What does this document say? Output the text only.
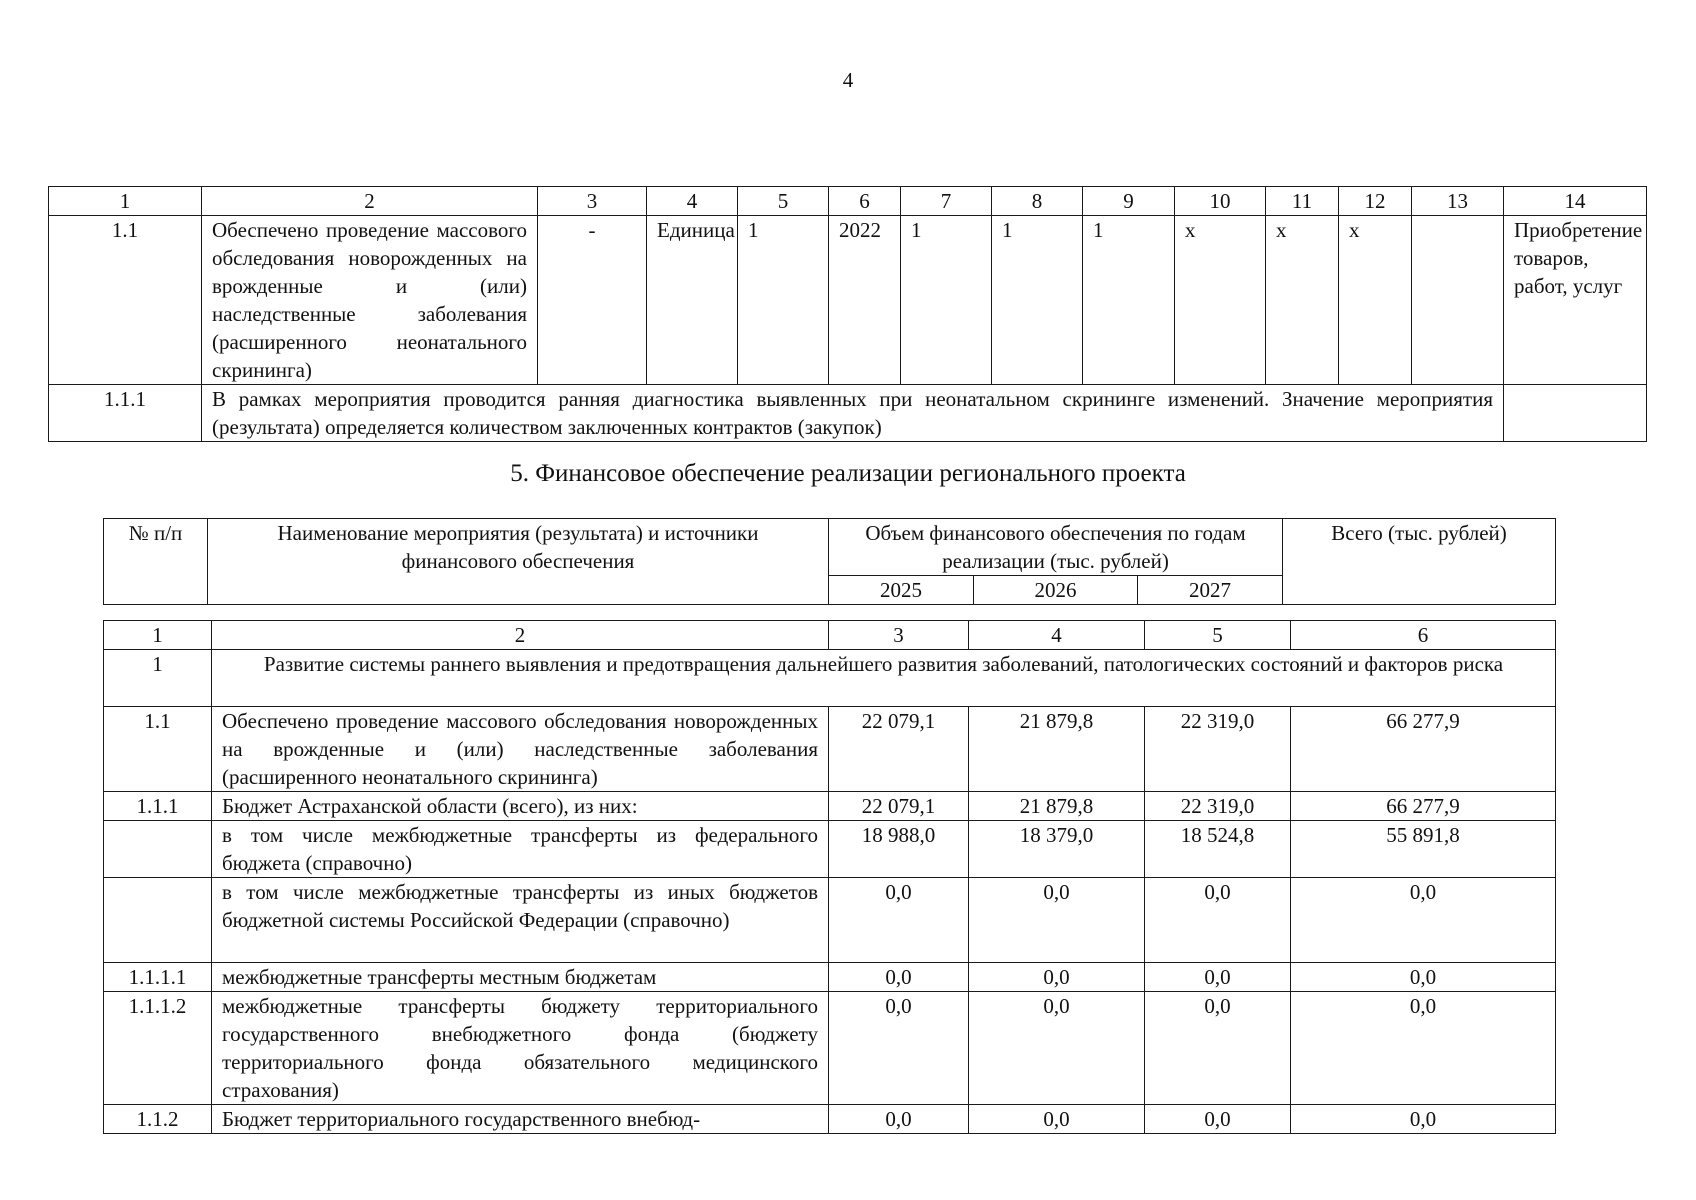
4
1	2	3	4	5	6	7	8	9	10	11	12	13	14
1.1	Обеспечено проведение массового обследования новорожденных на врожденные и (или) наследственные заболевания (расширенного неонатального скрининга)	-	Единица	1	2022	1	1	1	x	x	x		Приобретение товаров, работ, услуг
1.1.1	В рамках мероприятия проводится ранняя диагностика выявленных при неонатальном скрининге изменений. Значение мероприятия (результата) определяется количеством заключенных контрактов (закупок)												
5. Финансовое обеспечение реализации регионального проекта
№ п/п	Наименование мероприятия (результата) и источники финансового обеспечения	Объем финансового обеспечения по годам реализации (тыс. рублей)			Всего (тыс. рублей)
		2025	2026	2027	
1	2	3	4	5	6
1	Развитие системы раннего выявления и предотвращения дальнейшего развития заболеваний, патологических состояний и факторов риска				
1.1	Обеспечено проведение массового обследования новорожденных на врожденные и (или) наследственные заболевания (расширенного неонатального скрининга)	22 079,1	21 879,8	22 319,0	66 277,9
1.1.1	Бюджет Астраханской области (всего), из них:	22 079,1	21 879,8	22 319,0	66 277,9
	в том числе межбюджетные трансферты из федерального бюджета (справочно)	18 988,0	18 379,0	18 524,8	55 891,8
	в том числе межбюджетные трансферты из иных бюджетов бюджетной системы Российской Федерации (справочно)	0,0	0,0	0,0	0,0
1.1.1.1	межбюджетные трансферты местным бюджетам	0,0	0,0	0,0	0,0
1.1.1.2	межбюджетные трансферты бюджету территориального государственного внебюджетного фонда (бюджету территориального фонда обязательного медицинского страхования)	0,0	0,0	0,0	0,0
1.1.2	Бюджет территориального государственного внебюд-	0,0	0,0	0,0	0,0
